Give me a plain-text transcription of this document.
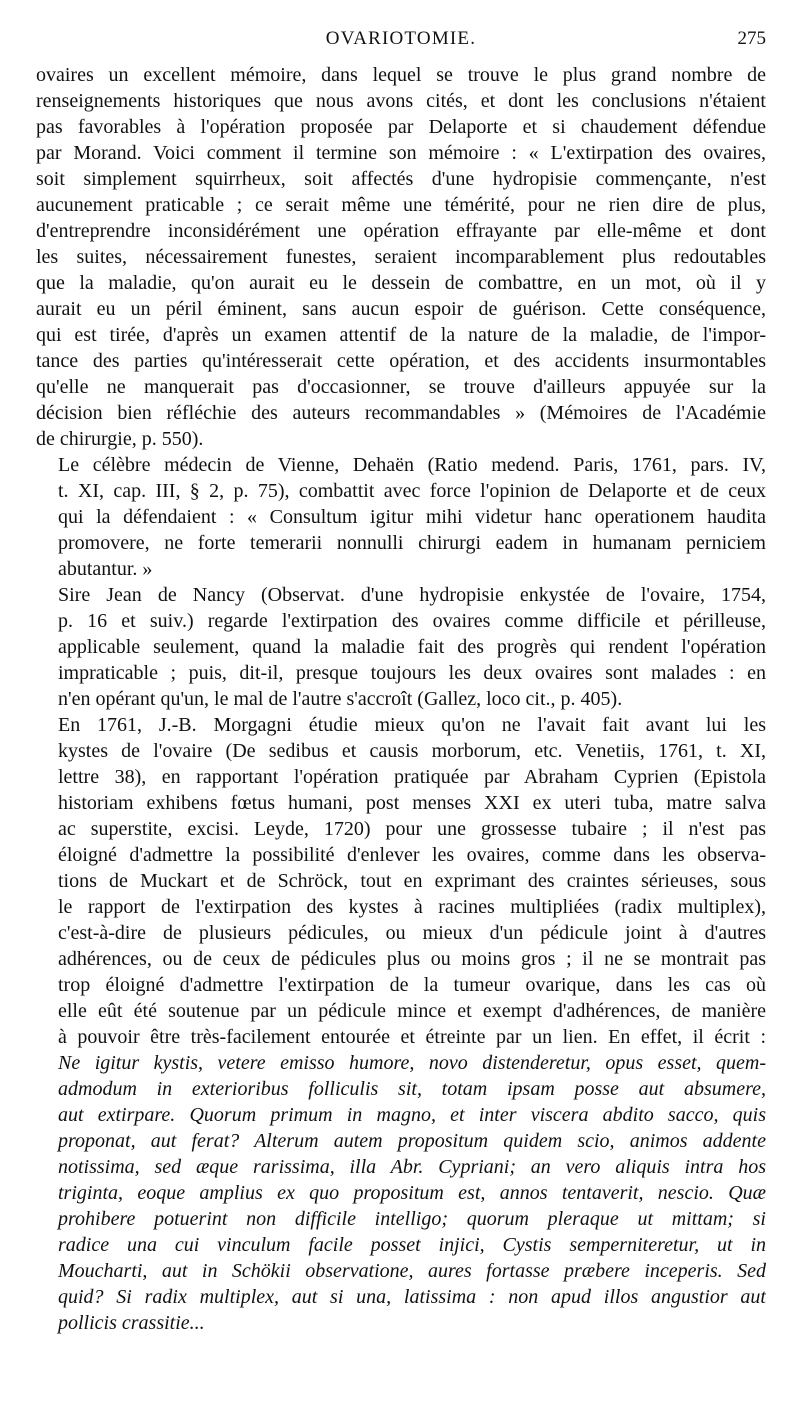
OVARIOTOMIE.	275

ovaires un excellent mémoire, dans lequel se trouve le plus grand nombre de
renseignements historiques que nous avons cités, et dont les conclusions n'étaient
pas favorables à l'opération proposée par Delaporte et si chaudement défendue
par Morand. Voici comment il termine son mémoire : « L'extirpation des ovaires,
soit simplement squirrheux, soit affectés d'une hydropisie commençante, n'est
aucunement praticable ; ce serait même une témérité, pour ne rien dire de plus,
d'entreprendre inconsidérément une opération effrayante par elle-même et dont
les suites, nécessairement funestes, seraient incomparablement plus redoutables
que la maladie, qu'on aurait eu le dessein de combattre, en un mot, où il y
aurait eu un péril éminent, sans aucun espoir de guérison. Cette conséquence,
qui est tirée, d'après un examen attentif de la nature de la maladie, de l'impor-
tance des parties qu'intéresserait cette opération, et des accidents insurmontables
qu'elle ne manquerait pas d'occasionner, se trouve d'ailleurs appuyée sur la
décision bien réfléchie des auteurs recommandables » (Mémoires de l'Académie
de chirurgie, p. 550).

Le célèbre médecin de Vienne, Dehaën (Ratio medend. Paris, 1761, pars. IV,
t. XI, cap. III, § 2, p. 75), combattit avec force l'opinion de Delaporte et de ceux
qui la défendaient : « Consultum igitur mihi videtur hanc operationem haudita
promovere, ne forte temerarii nonnulli chirurgi eadem in humanam perniciem
abutantur. »

Sire Jean de Nancy (Observat. d'une hydropisie enkystée de l'ovaire, 1754,
p. 16 et suiv.) regarde l'extirpation des ovaires comme difficile et périlleuse,
applicable seulement, quand la maladie fait des progrès qui rendent l'opération
impraticable ; puis, dit-il, presque toujours les deux ovaires sont malades : en
n'en opérant qu'un, le mal de l'autre s'accroît (Gallez, loco cit., p. 405).

En 1761, J.-B. Morgagni étudie mieux qu'on ne l'avait fait avant lui les
kystes de l'ovaire (De sedibus et causis morborum, etc. Venetiis, 1761, t. XI,
lettre 38), en rapportant l'opération pratiquée par Abraham Cyprien (Epistola
historiam exhibens fœtus humani, post menses XXI ex uteri tuba, matre salva
ac superstite, excisi. Leyde, 1720) pour une grossesse tubaire ; il n'est pas
éloigné d'admettre la possibilité d'enlever les ovaires, comme dans les observa-
tions de Muckart et de Schröck, tout en exprimant des craintes sérieuses, sous
le rapport de l'extirpation des kystes à racines multipliées (radix multiplex),
c'est-à-dire de plusieurs pédicules, ou mieux d'un pédicule joint à d'autres
adhérences, ou de ceux de pédicules plus ou moins gros ; il ne se montrait pas
trop éloigné d'admettre l'extirpation de la tumeur ovarique, dans les cas où
elle eût été soutenue par un pédicule mince et exempt d'adhérences, de manière
à pouvoir être très-facilement entourée et étreinte par un lien. En effet, il écrit :
Ne igitur kystis, vetere emisso humore, novo distenderetur, opus esset, quem-
admodum in exterioribus folliculis sit, totam ipsam posse aut absumere,
aut extirpare. Quorum primum in magno, et inter viscera abdito sacco, quis
proponat, aut ferat? Alterum autem propositum quidem scio, animos addente
notissima, sed æque rarissima, illa Abr. Cypriani; an vero aliquis intra hos
triginta, eoque amplius ex quo propositum est, annos tentaverit, nescio. Quæ
prohibere potuerint non difficile intelligo; quorum pleraque ut mittam; si
radice una cui vinculum facile posset injici, Cystis semperniteretur, ut in
Moucharti, aut in Schökii observatione, aures fortasse præbere inceperis. Sed
quid? Si radix multiplex, aut si una, latissima : non apud illos angustior aut
pollicis crassitie...
